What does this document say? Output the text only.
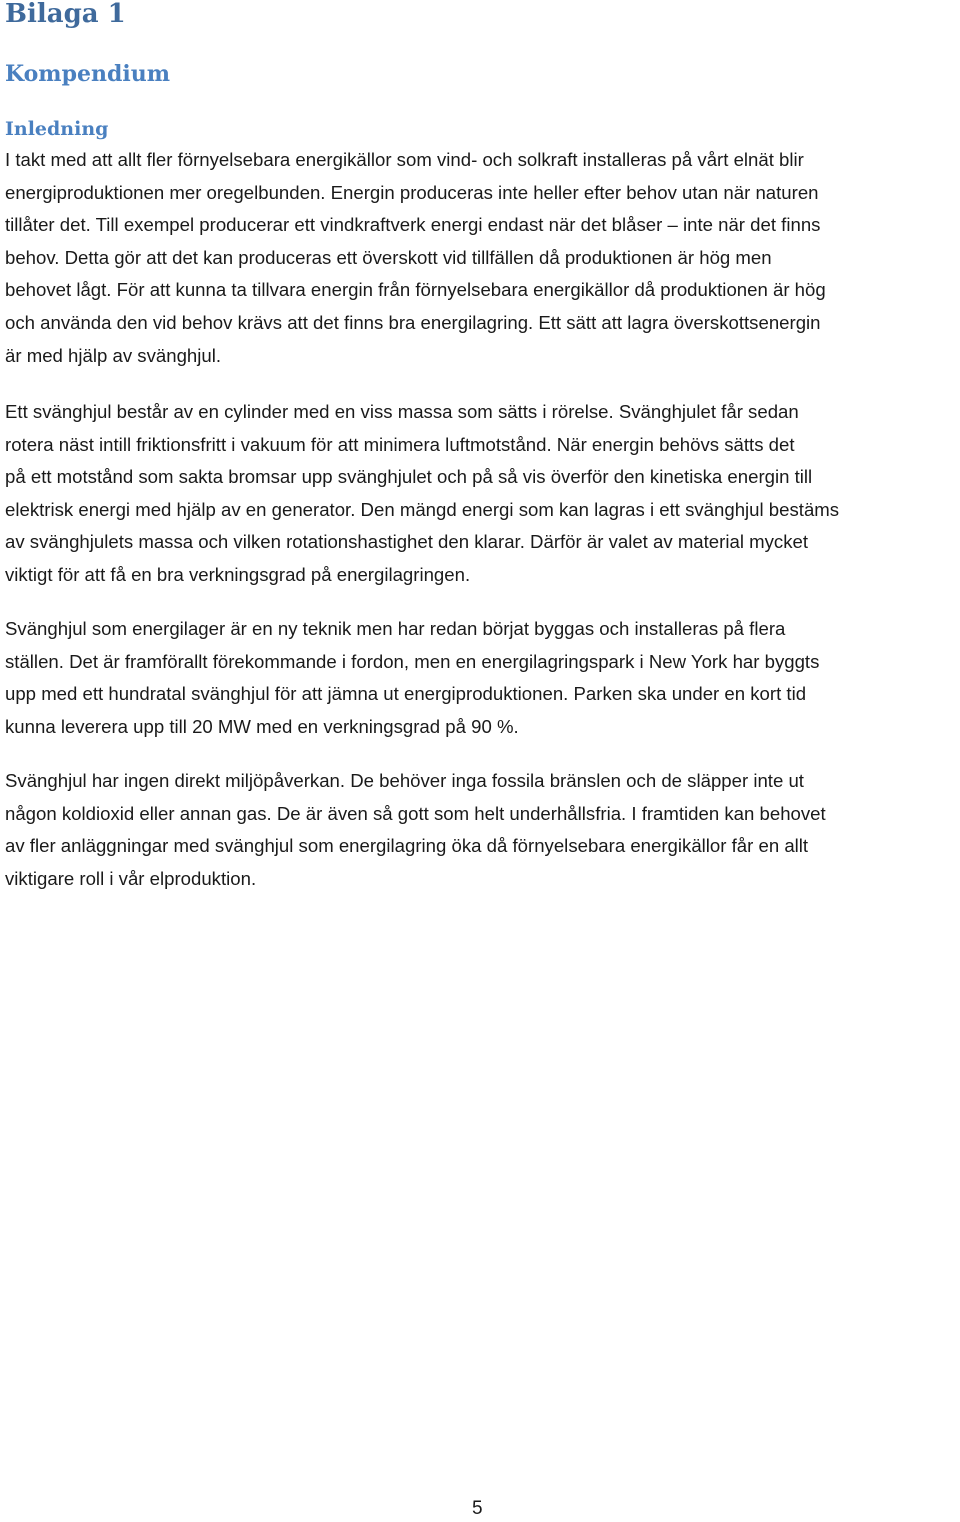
Bilaga 1
Kompendium
Inledning

I takt med att allt fler förnyelsebara energikällor som vind- och solkraft installeras på vårt elnät blir
energiproduktionen mer oregelbunden. Energin produceras inte heller efter behov utan när naturen
tillåter det. Till exempel producerar ett vindkraftverk energi endast när det blåser – inte när det finns
behov. Detta gör att det kan produceras ett överskott vid tillfällen då produktionen är hög men
behovet lågt. För att kunna ta tillvara energin från förnyelsebara energikällor då produktionen är hög
och använda den vid behov krävs att det finns bra energilagring. Ett sätt att lagra överskottsenergin
är med hjälp av svänghjul.

Ett svänghjul består av en cylinder med en viss massa som sätts i rörelse. Svänghjulet får sedan
rotera näst intill friktionsfritt i vakuum för att minimera luftmotstånd. När energin behövs sätts det
på ett motstånd som sakta bromsar upp svänghjulet och på så vis överför den kinetiska energin till
elektrisk energi med hjälp av en generator. Den mängd energi som kan lagras i ett svänghjul bestäms
av svänghjulets massa och vilken rotationshastighet den klarar. Därför är valet av material mycket
viktigt för att få en bra verkningsgrad på energilagringen.

Svänghjul som energilager är en ny teknik men har redan börjat byggas och installeras på flera
ställen. Det är framförallt förekommande i fordon, men en energilagringspark i New York har byggts
upp med ett hundratal svänghjul för att jämna ut energiproduktionen. Parken ska under en kort tid
kunna leverera upp till 20 MW med en verkningsgrad på 90 %.

Svänghjul har ingen direkt miljöpåverkan. De behöver inga fossila bränslen och de släpper inte ut
någon koldioxid eller annan gas. De är även så gott som helt underhållsfria. I framtiden kan behovet
av fler anläggningar med svänghjul som energilagring öka då förnyelsebara energikällor får en allt
viktigare roll i vår elproduktion.

5
